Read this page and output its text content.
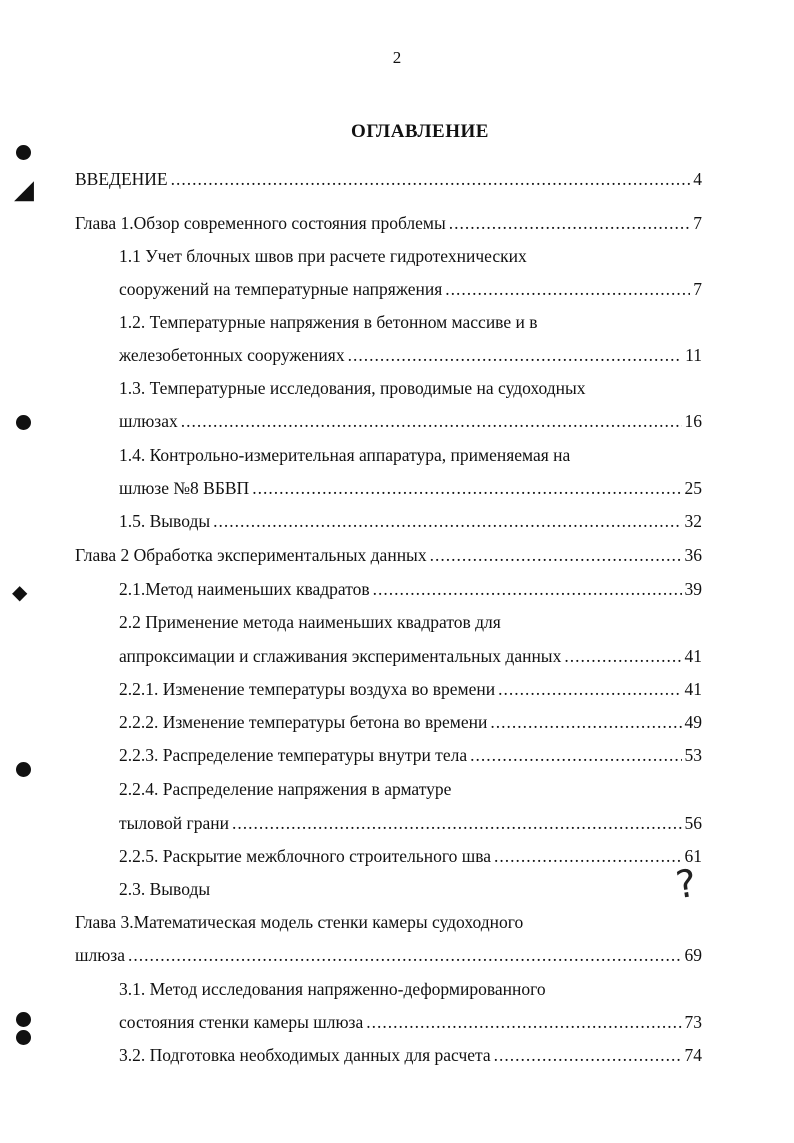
2
ОГЛАВЛЕНИЕ
◢
◆
ВВЕДЕНИЕ .....	4
Глава 1.Обзор современного состояния проблемы .....	7
1.1 Учет блочных швов при расчете гидротехнических
сооружений на температурные напряжения .....	7
1.2. Температурные напряжения в бетонном массиве и в
железобетонных сооружениях .....	11
1.3. Температурные исследования, проводимые на судоходных
шлюзах .....	16
1.4. Контрольно-измерительная аппаратура, применяемая на
шлюзе №8 ВБВП .....	25
1.5. Выводы .....	32
Глава 2 Обработка экспериментальных данных .....	36
2.1.Метод наименьших квадратов .....	39
2.2 Применение метода наименьших квадратов для
аппроксимации и сглаживания экспериментальных данных .....	41
2.2.1. Изменение температуры воздуха во времени .....	41
2.2.2. Изменение температуры бетона во времени .....	49
2.2.3. Распределение температуры внутри тела .....	53
2.2.4. Распределение напряжения в арматуре
тыловой грани .....	56
2.2.5. Раскрытие межблочного строительного шва .....	61
2.3. Выводы
Глава 3.Математическая модель стенки камеры судоходного
шлюза .....	69
3.1. Метод исследования напряженно-деформированного
состояния стенки камеры шлюза .....	73
3.2. Подготовка необходимых данных для расчета .....	74
?
